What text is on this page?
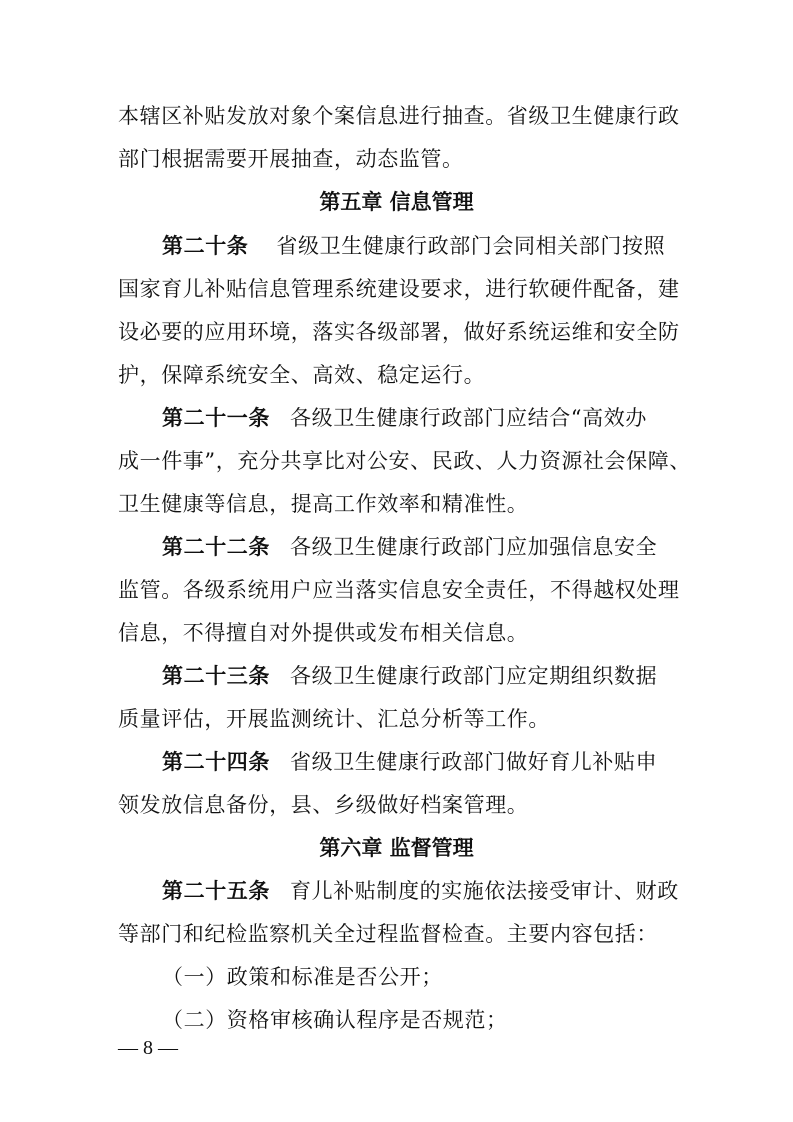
本辖区补贴发放对象个案信息进行抽查。省级卫生健康行政
部门根据需要开展抽查，动态监管。
第五章 信息管理
第二十条 省级卫生健康行政部门会同相关部门按照
国家育儿补贴信息管理系统建设要求，进行软硬件配备，建
设必要的应用环境，落实各级部署，做好系统运维和安全防
护，保障系统安全、高效、稳定运行。
第二十一条 各级卫生健康行政部门应结合“高效办
成一件事”，充分共享比对公安、民政、人力资源社会保障、
卫生健康等信息，提高工作效率和精准性。
第二十二条 各级卫生健康行政部门应加强信息安全
监管。各级系统用户应当落实信息安全责任，不得越权处理
信息，不得擅自对外提供或发布相关信息。
第二十三条 各级卫生健康行政部门应定期组织数据
质量评估，开展监测统计、汇总分析等工作。
第二十四条 省级卫生健康行政部门做好育儿补贴申
领发放信息备份，县、乡级做好档案管理。
第六章 监督管理
第二十五条 育儿补贴制度的实施依法接受审计、财政
等部门和纪检监察机关全过程监督检查。主要内容包括：
（一）政策和标准是否公开；
（二）资格审核确认程序是否规范；
— 8 —
